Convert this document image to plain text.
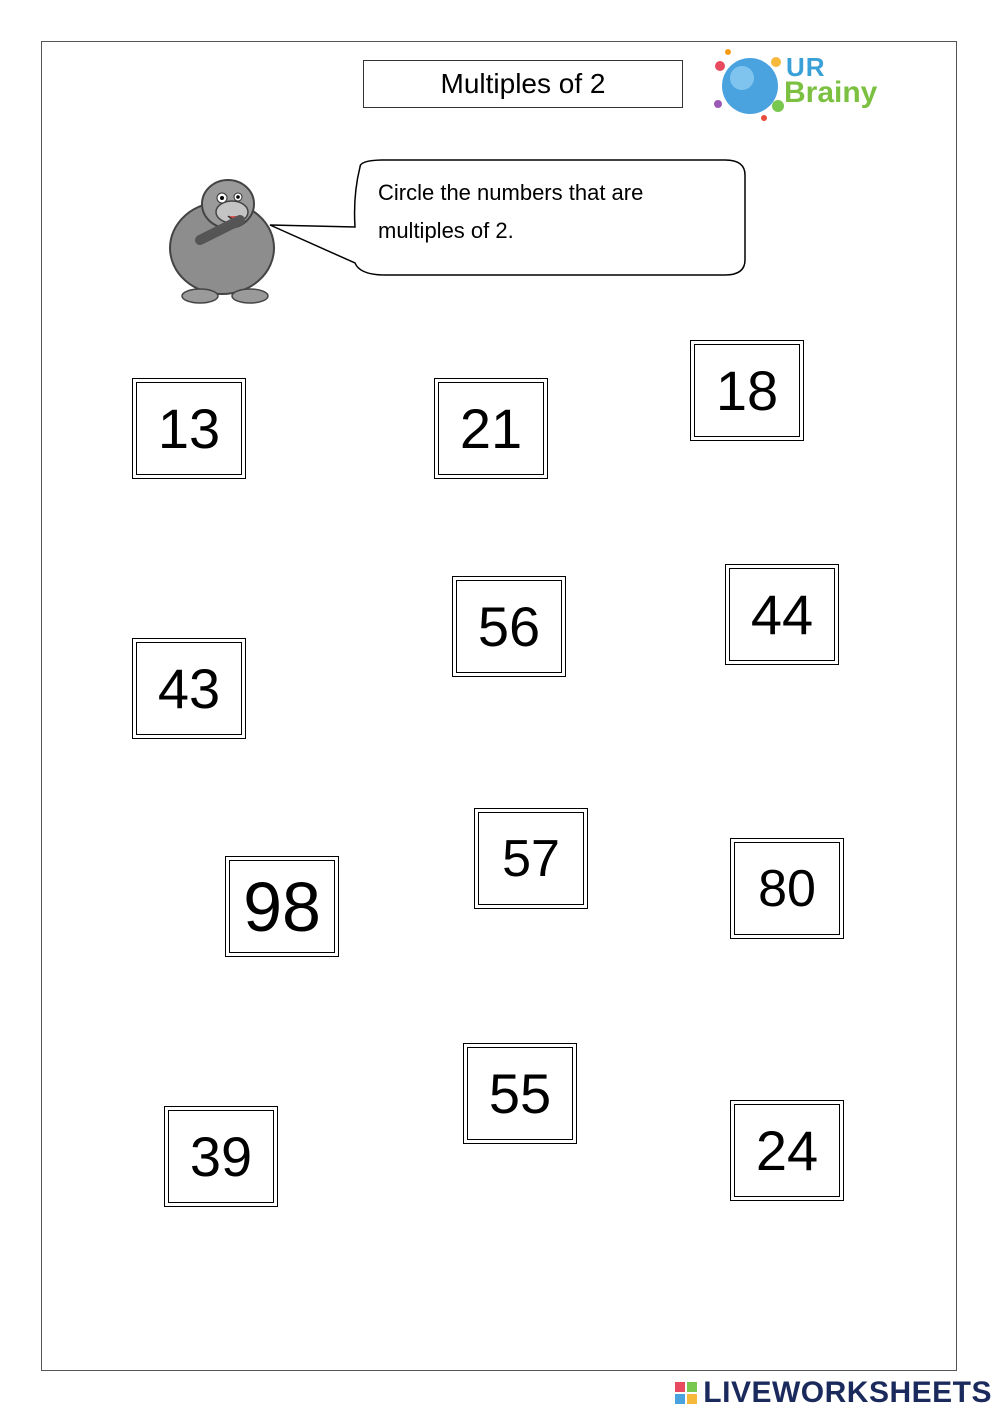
Multiples of 2
UR
Brainy
Circle the numbers that are
multiples of 2.
13	21
18
43
56	44
98
57
80
39
55
24
LIVEWORKSHEETS
